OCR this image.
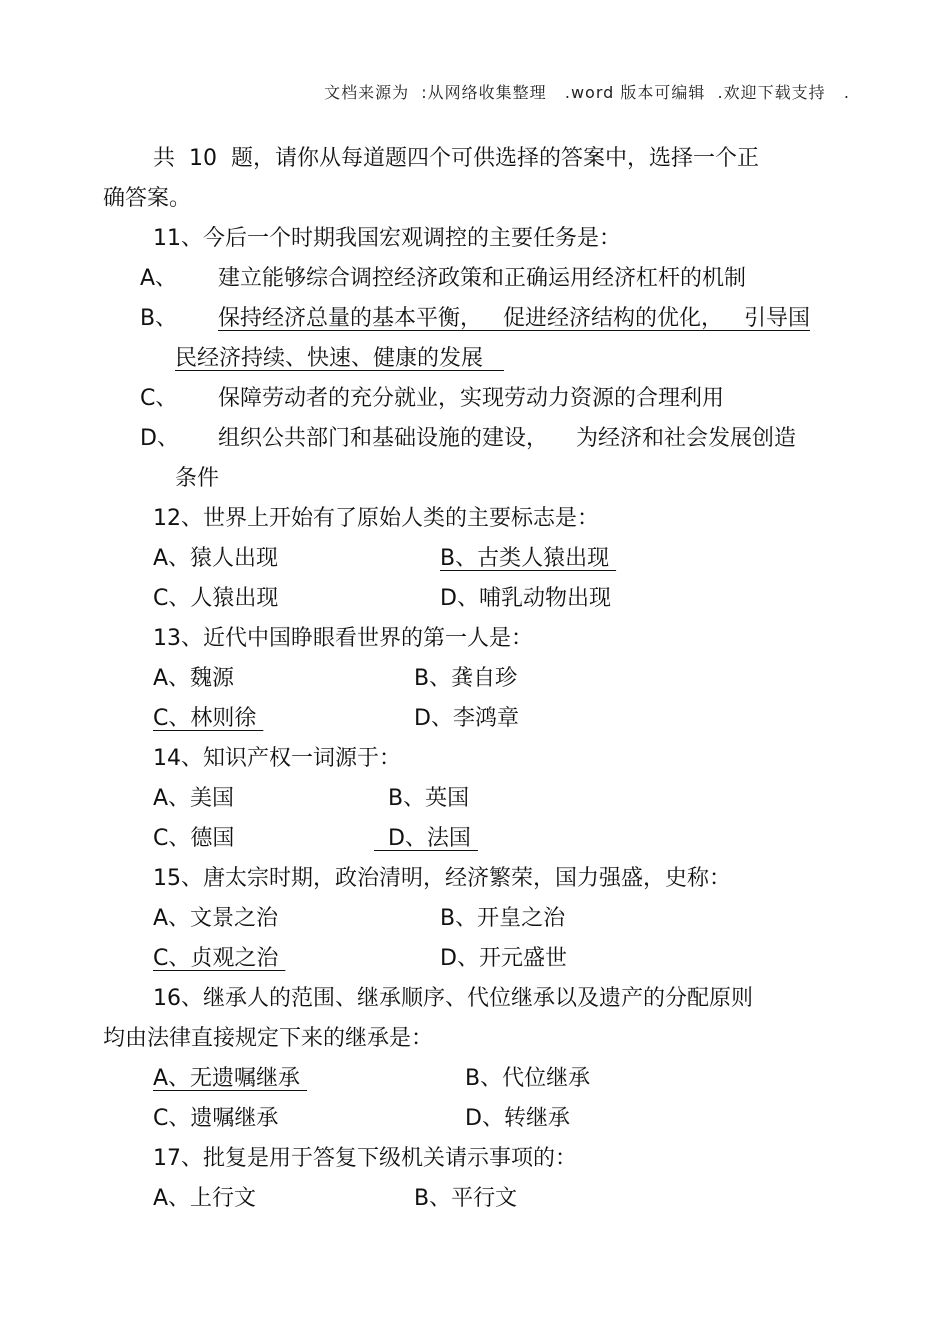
文档来源为  :从网络收集整理   .word 版本可编辑  .欢迎下载支持   .
共  10  题，请你从每道题四个可供选择的答案中，选择一个正
确答案。
11、今后一个时期我国宏观调控的主要任务是：
A、 建立能够综合调控经济政策和正确运用经济杠杆的机制
B、 保持经济总量的基本平衡，   促进经济结构的优化，   引导国
民经济持续、快速、健康的发展
C、 保障劳动者的充分就业，实现劳动力资源的合理利用
D、 组织公共部门和基础设施的建设，    为经济和社会发展创造
条件
12、世界上开始有了原始人类的主要标志是：
A、猿人出现	B、古类人猿出现
C、人猿出现	D、哺乳动物出现
13、近代中国睁眼看世界的第一人是：
A、魏源	B、龚自珍
C、林则徐	D、李鸿章
14、知识产权一词源于：
A、美国	B、英国
C、德国	D、法国
15、唐太宗时期，政治清明，经济繁荣，国力强盛，史称：
A、文景之治	B、开皇之治
C、贞观之治	D、开元盛世
16、继承人的范围、继承顺序、代位继承以及遗产的分配原则
均由法律直接规定下来的继承是：
A、无遗嘱继承	B、代位继承
C、遗嘱继承	D、转继承
17、批复是用于答复下级机关请示事项的：
A、上行文	B、平行文
